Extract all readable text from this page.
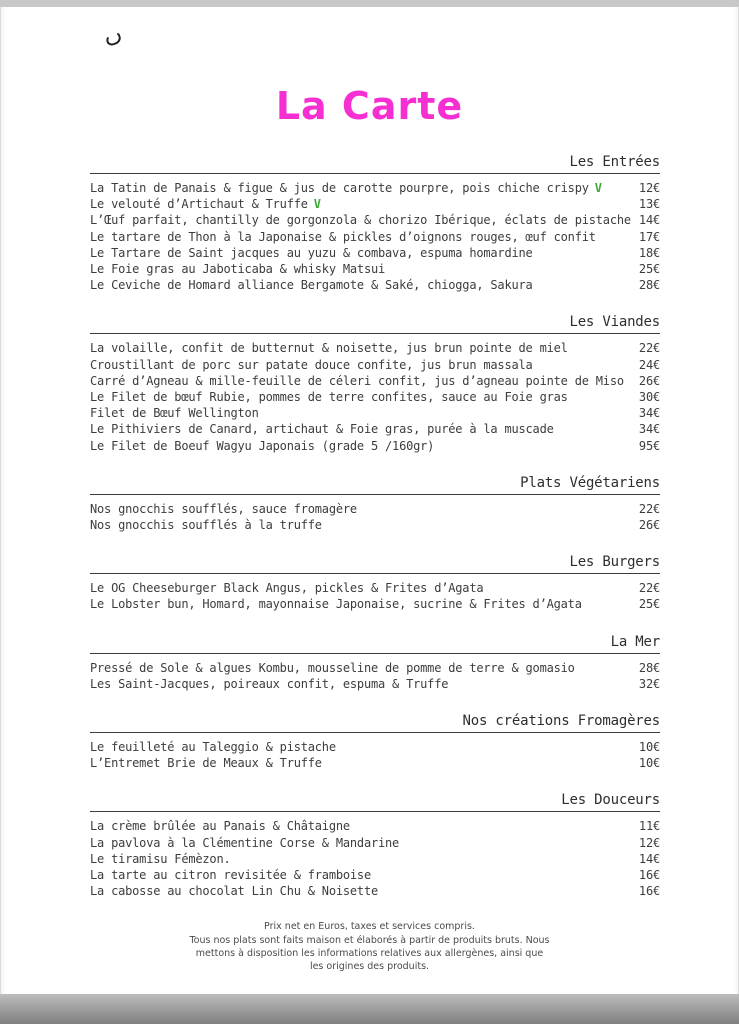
La Carte
Les Entrées
La Tatin de Panais & figue & jus de carotte pourpre, pois chiche crispy V	12€
Le velouté d’Artichaut & Truffe V	13€
L’Œuf parfait, chantilly de gorgonzola & chorizo Ibérique, éclats de pistache 14€
Le tartare de Thon à la Japonaise & pickles d’oignons rouges, œuf confit	17€
Le Tartare de Saint jacques au yuzu & combava, espuma homardine	18€
Le Foie gras au Jaboticaba & whisky Matsui	25€
Le Ceviche de Homard alliance Bergamote & Saké, chiogga, Sakura	28€
Les Viandes
La volaille, confit de butternut & noisette, jus brun pointe de miel	22€
Croustillant de porc sur patate douce confite, jus brun massala	24€
Carré d’Agneau & mille-feuille de céleri confit, jus d’agneau pointe de Miso	26€
Le Filet de bœuf Rubie, pommes de terre confites, sauce au Foie gras	30€
Filet de Bœuf Wellington	34€
Le Pithiviers de Canard, artichaut & Foie gras, purée à la muscade	34€
Le Filet de Boeuf Wagyu Japonais (grade 5 /160gr)	95€
Plats Végétariens
Nos gnocchis soufflés, sauce fromagère	22€
Nos gnocchis soufflés à la truffe	26€
Les Burgers
Le OG Cheeseburger Black Angus, pickles & Frites d’Agata	22€
Le Lobster bun, Homard, mayonnaise Japonaise, sucrine & Frites d’Agata	25€
La Mer
Pressé de Sole & algues Kombu, mousseline de pomme de terre & gomasio	28€
Les Saint-Jacques, poireaux confit, espuma & Truffe	32€
Nos créations Fromagères
Le feuilleté au Taleggio & pistache	10€
L’Entremet Brie de Meaux & Truffe	10€
Les Douceurs
La crème brûlée au Panais & Châtaigne	11€
La pavlova à la Clémentine Corse & Mandarine	12€
Le tiramisu Fémèzon.	14€
La tarte au citron revisitée & framboise	16€
La cabosse au chocolat Lin Chu & Noisette	16€
Prix net en Euros, taxes et services compris.
Tous nos plats sont faits maison et élaborés à partir de produits bruts. Nous
mettons à disposition les informations relatives aux allergènes, ainsi que
les origines des produits.
